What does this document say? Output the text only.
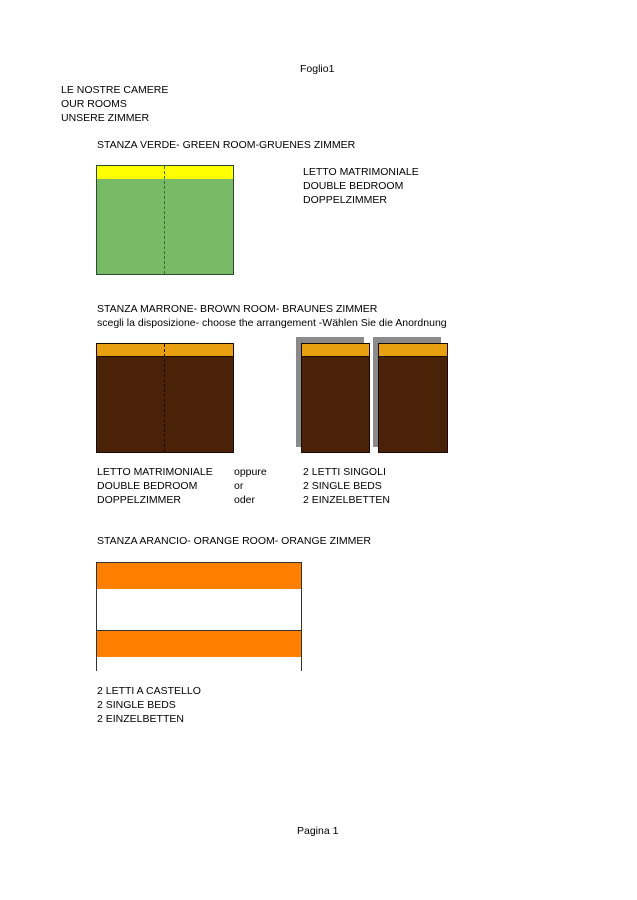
Foglio1
LE NOSTRE CAMERE
OUR ROOMS
UNSERE ZIMMER
STANZA VERDE- GREEN ROOM-GRUENES ZIMMER
LETTO MATRIMONIALE
DOUBLE BEDROOM
DOPPELZIMMER
STANZA MARRONE- BROWN ROOM- BRAUNES ZIMMER
scegli la disposizione- choose the arrangement -Wählen Sie die Anordnung
LETTO MATRIMONIALE
DOUBLE BEDROOM
DOPPELZIMMER
oppure
or
oder
2 LETTI SINGOLI
2 SINGLE BEDS
2 EINZELBETTEN
STANZA ARANCIO- ORANGE ROOM- ORANGE ZIMMER
2 LETTI A CASTELLO
2 SINGLE BEDS
2 EINZELBETTEN
Pagina 1
